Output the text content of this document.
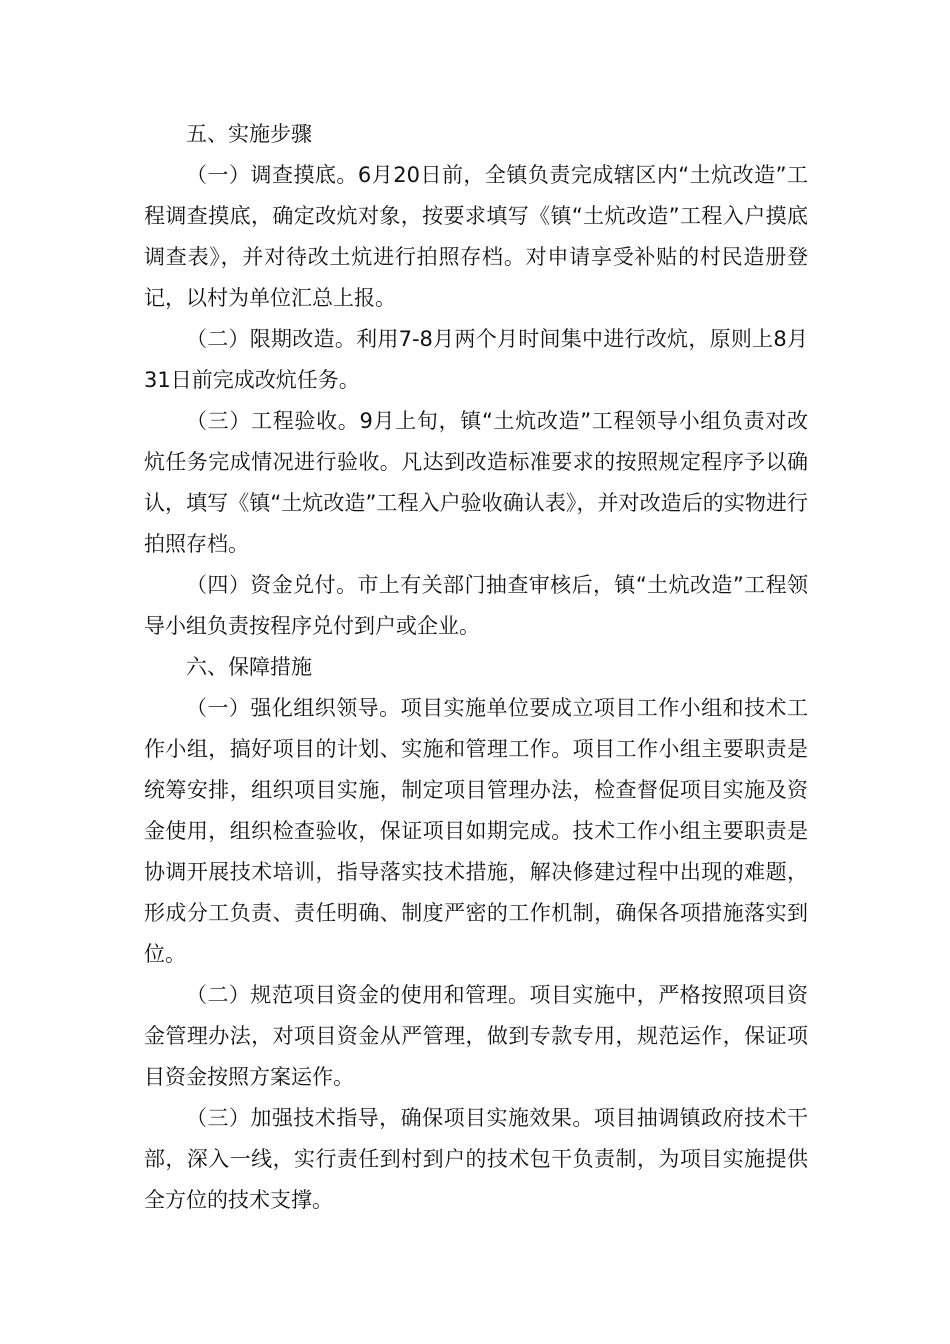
五、实施步骤

（一）调查摸底。6月20日前，全镇负责完成辖区内“土炕改造”工程调查摸底，确定改炕对象，按要求填写《镇“土炕改造”工程入户摸底调查表》，并对待改土炕进行拍照存档。对申请享受补贴的村民造册登记，以村为单位汇总上报。

（二）限期改造。利用7-8月两个月时间集中进行改炕，原则上8月31日前完成改炕任务。

（三）工程验收。9月上旬，镇“土炕改造”工程领导小组负责对改炕任务完成情况进行验收。凡达到改造标准要求的按照规定程序予以确认，填写《镇“土炕改造”工程入户验收确认表》，并对改造后的实物进行拍照存档。

（四）资金兑付。市上有关部门抽查审核后，镇“土炕改造”工程领导小组负责按程序兑付到户或企业。

六、保障措施

（一）强化组织领导。项目实施单位要成立项目工作小组和技术工作小组，搞好项目的计划、实施和管理工作。项目工作小组主要职责是统筹安排，组织项目实施，制定项目管理办法，检查督促项目实施及资金使用，组织检查验收，保证项目如期完成。技术工作小组主要职责是协调开展技术培训，指导落实技术措施，解决修建过程中出现的难题，形成分工负责、责任明确、制度严密的工作机制，确保各项措施落实到位。

（二）规范项目资金的使用和管理。项目实施中，严格按照项目资金管理办法，对项目资金从严管理，做到专款专用，规范运作，保证项目资金按照方案运作。

（三）加强技术指导，确保项目实施效果。项目抽调镇政府技术干部，深入一线，实行责任到村到户的技术包干负责制，为项目实施提供全方位的技术支撑。
